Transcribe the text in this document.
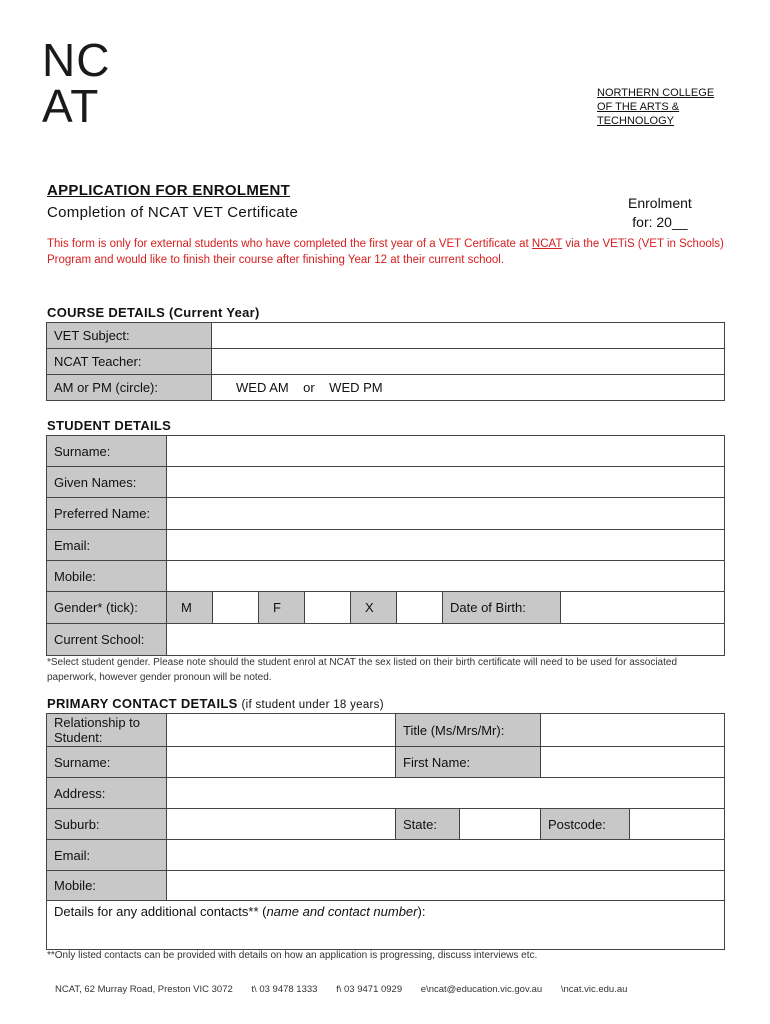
NC
AT	NORTHERN COLLEGE
OF THE ARTS &
TECHNOLOGY
APPLICATION FOR ENROLMENT
Completion of NCAT VET Certificate
Enrolment
for: 20__
This form is only for external students who have completed the first year of a VET Certificate at NCAT via the VETiS (VET in Schools) Program and would like to finish their course after finishing Year 12 at their current school.
COURSE DETAILS (Current Year)
VET Subject:	
NCAT Teacher:	
AM or PM (circle):	WED AM    or    WED PM
STUDENT DETAILS
Surname:								
Given Names:								
Preferred Name:								
Email:								
Mobile:								
Gender* (tick):	M		F		X		Date of Birth:	
Current School:								
*Select student gender. Please note should the student enrol at NCAT the sex listed on their birth certificate will need to be used for associated paperwork, however gender pronoun will be noted.
PRIMARY CONTACT DETAILS (if student under 18 years)
Relationship to Student:		Title (Ms/Mrs/Mr):			
Surname:		First Name:			
Address:					
Suburb:		State:		Postcode:	
Email:					
Mobile:					
Details for any additional contacts** (name and contact number):					
**Only listed contacts can be provided with details on how an application is progressing, discuss interviews etc.
NCAT, 62 Murray Road, Preston VIC 3072 t\ 03 9478 1333 f\ 03 9471 0929 e\ncat@education.vic.gov.au \ncat.vic.edu.au
